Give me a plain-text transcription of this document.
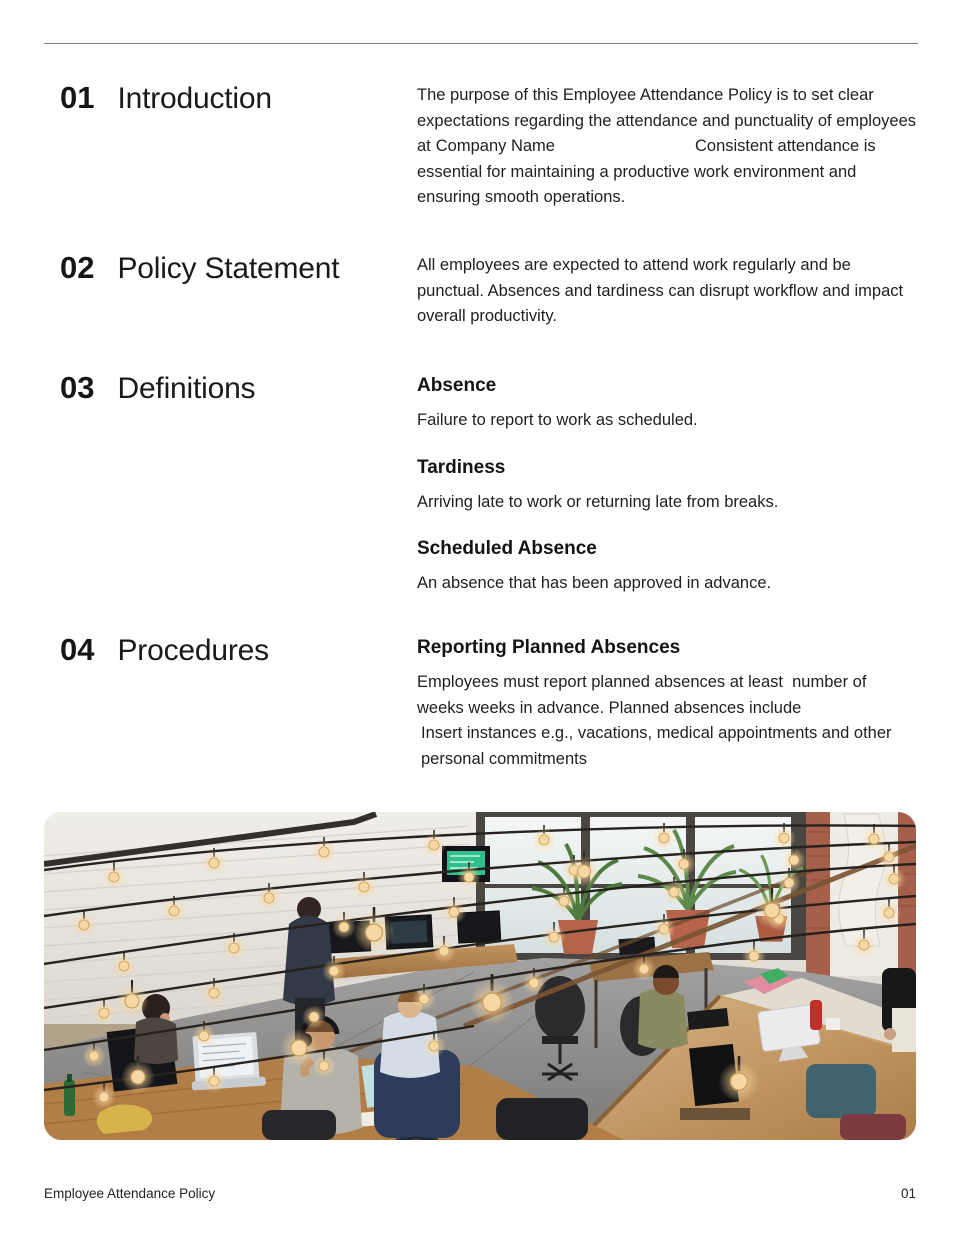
01 Introduction	The purpose of this Employee Attendance Policy is to set clear expectations regarding the attendance and punctuality of employees at Company Name	Consistent attendance is essential for maintaining a productive work environment and ensuring smooth operations.

02 Policy Statement	All employees are expected to attend work regularly and be punctual. Absences and tardiness can disrupt workflow and impact overall productivity.

03 Definitions	Absence

Failure to report to work as scheduled.

Tardiness

Arriving late to work or returning late from breaks.

Scheduled Absence

An absence that has been approved in advance.

04 Procedures	Reporting Planned Absences

Employees must report planned absences at least  number of weeks weeks in advance. Planned absences include
Insert instances e.g., vacations, medical appointments and other personal commitments

Employee Attendance Policy	01
